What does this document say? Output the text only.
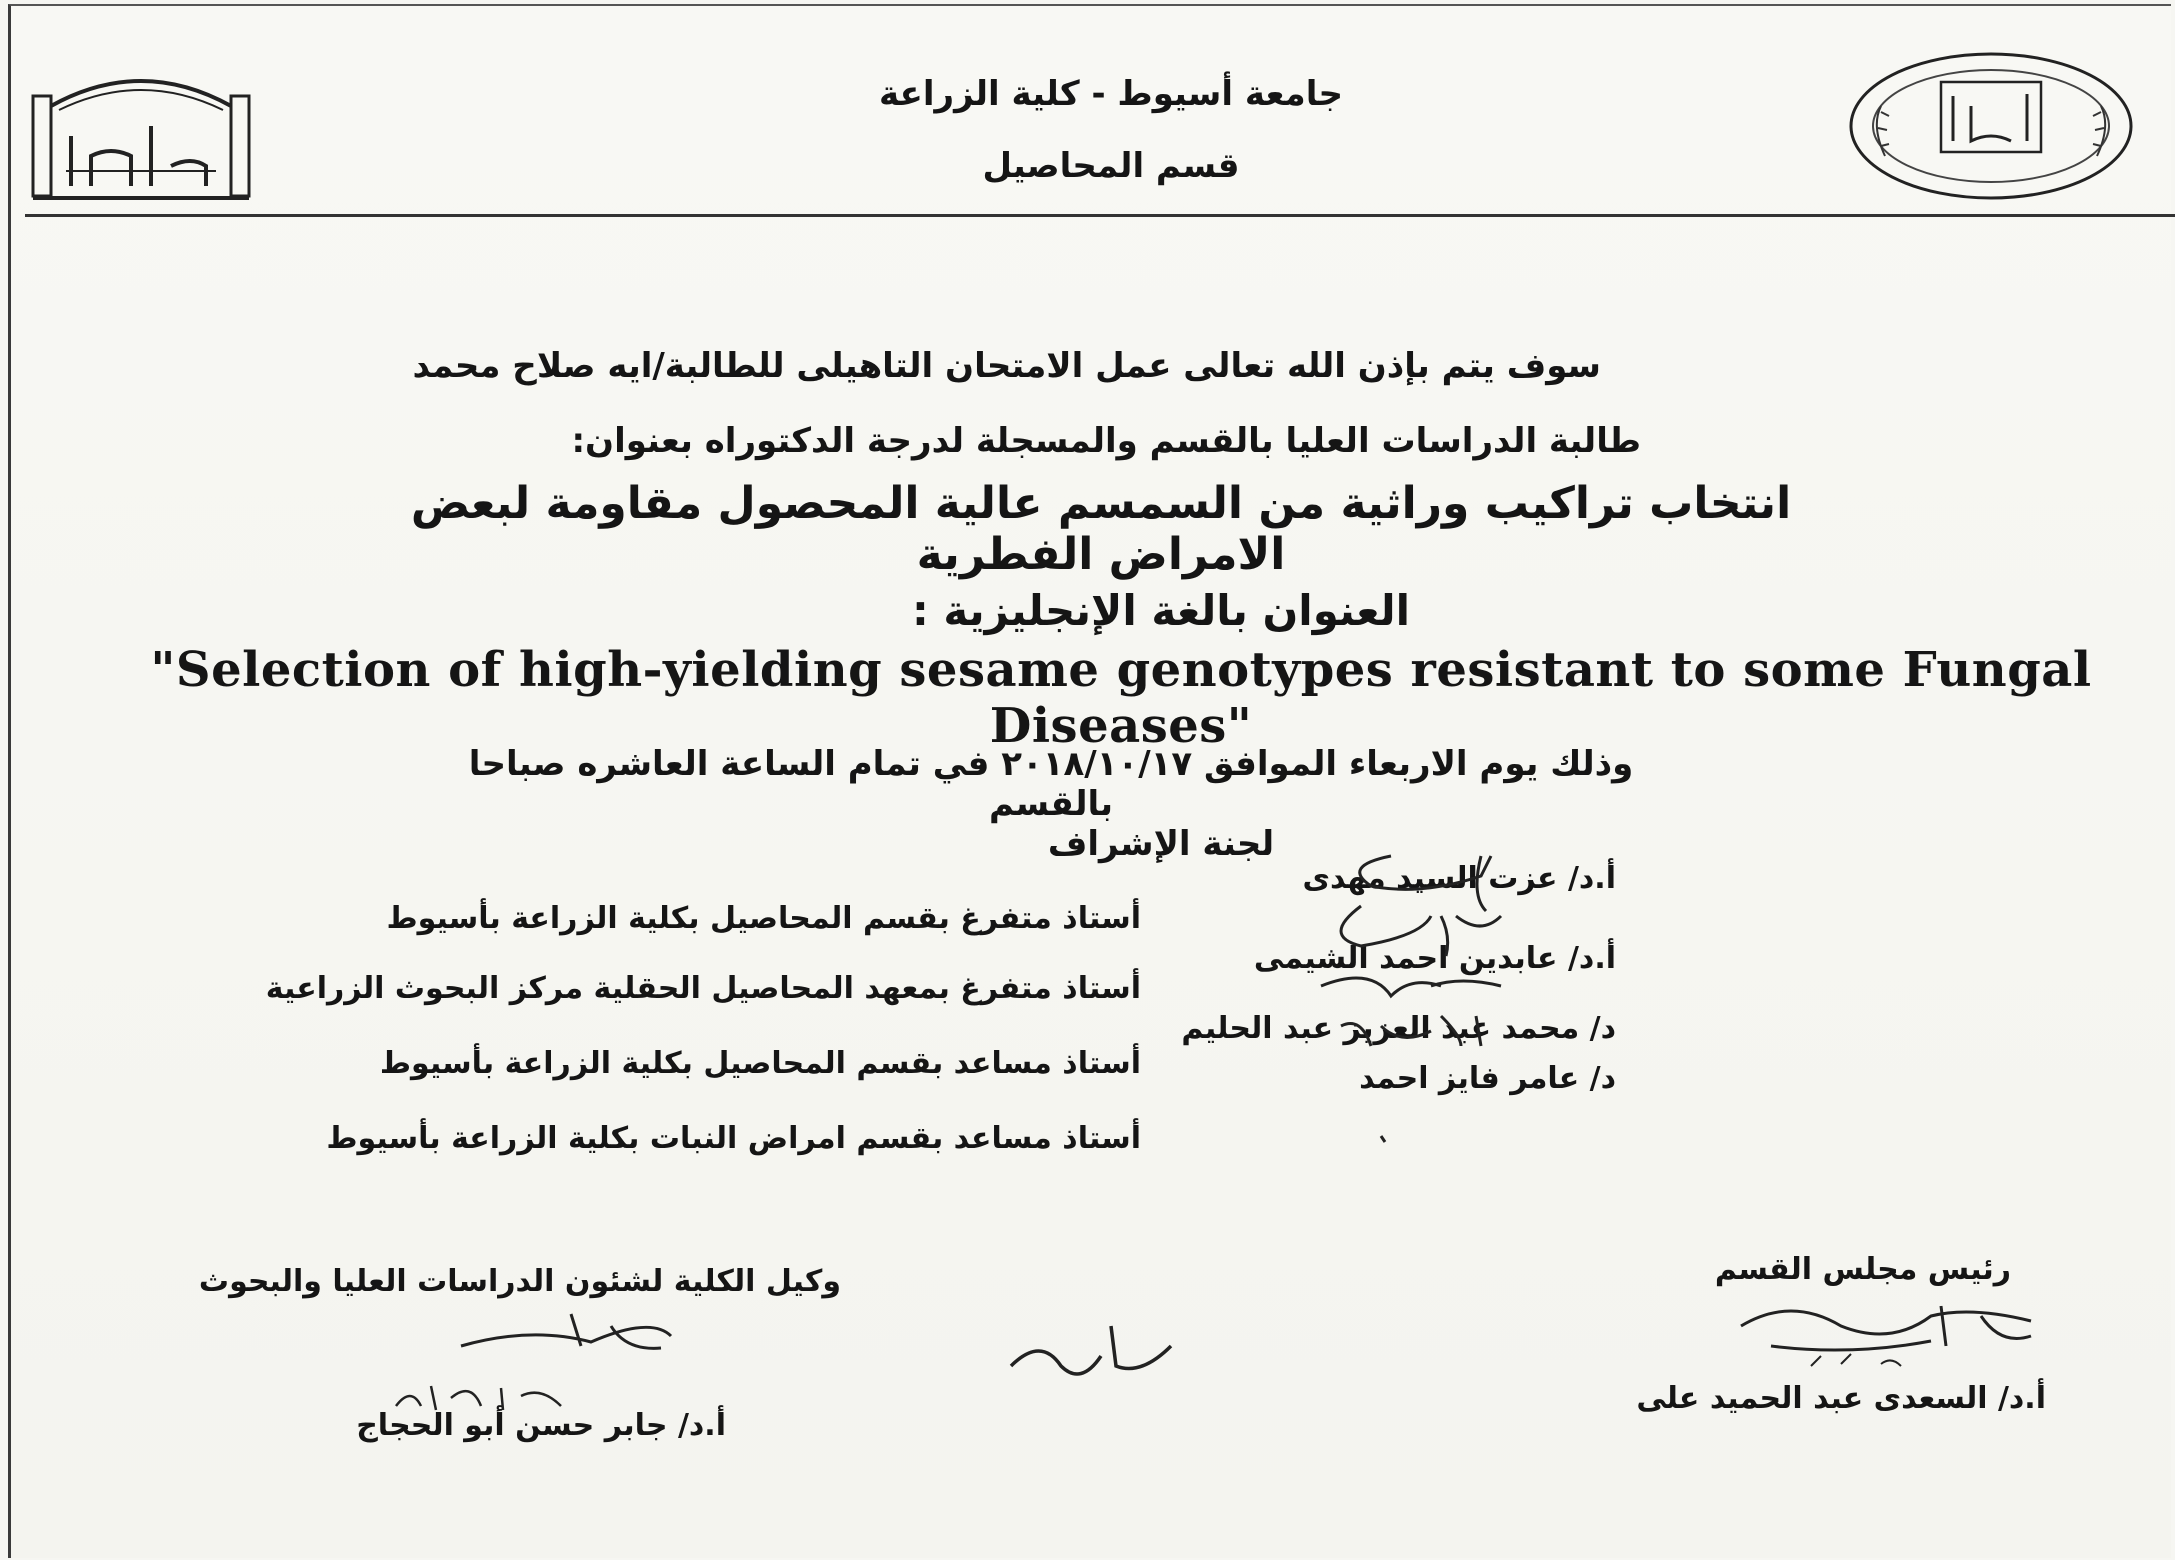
جامعة أسيوط - كلية الزراعة
قسم المحاصيل
سوف يتم بإذن الله تعالى عمل الامتحان التاهيلى للطالبة/ايه صلاح محمد
طالبة الدراسات العليا بالقسم والمسجلة لدرجة الدكتوراه بعنوان:
انتخاب تراكيب وراثية من السمسم عالية المحصول مقاومة لبعض الامراض الفطرية
العنوان بالغة الإنجليزية :
"Selection of high-yielding sesame genotypes resistant to some Fungal Diseases"
وذلك يوم الاربعاء الموافق ٢٠١٨/١٠/١٧ في تمام الساعة العاشره صباحا بالقسم
لجنة الإشراف
أ.د/ عزت السيد مهدى
أستاذ متفرغ بقسم المحاصيل بكلية الزراعة بأسيوط
أ.د/ عابدين احمد الشيمى
أستاذ متفرغ بمعهد المحاصيل الحقلية مركز البحوث الزراعية
د/ محمد عبد العزيز عبد الحليم
أستاذ مساعد بقسم المحاصيل بكلية الزراعة بأسيوط	د/ عامر فايز احمد
أستاذ مساعد بقسم امراض النبات بكلية الزراعة بأسيوط
وكيل الكلية لشئون الدراسات العليا والبحوث
أ.د/ جابر حسن أبو الحجاج
رئيس مجلس القسم
أ.د/ السعدى عبد الحميد على
